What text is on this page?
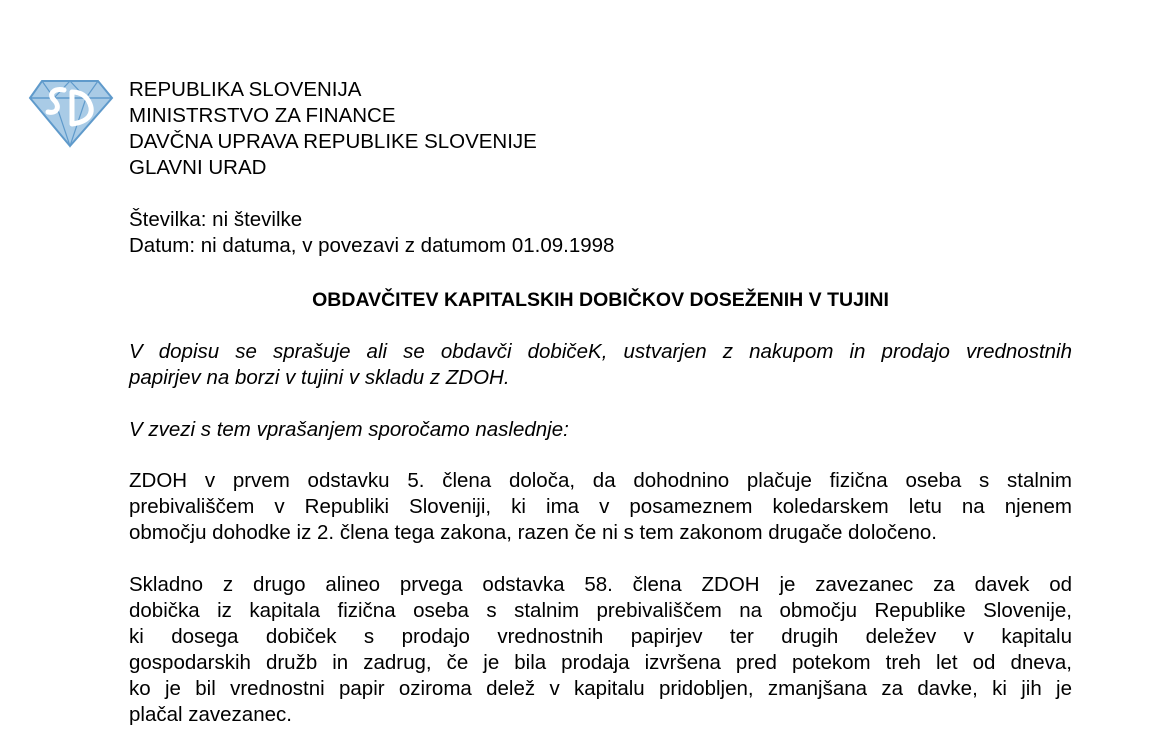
REPUBLIKA SLOVENIJA
MINISTRSTVO ZA FINANCE
DAVČNA UPRAVA REPUBLIKE SLOVENIJE
GLAVNI URAD
Številka: ni številke
Datum: ni datuma, v povezavi z datumom 01.09.1998
OBDAVČITEV KAPITALSKIH DOBIČKOV DOSEŽENIH V TUJINI
V dopisu se sprašuje ali se obdavči dobičeK, ustvarjen z nakupom in prodajo vrednostnih
papirjev na borzi v tujini v skladu z ZDOH.
V zvezi s tem vprašanjem sporočamo naslednje:
ZDOH v prvem odstavku 5. člena določa, da dohodnino plačuje fizična oseba s stalnim
prebivališčem v Republiki Sloveniji, ki ima v posameznem koledarskem letu na njenem
območju dohodke iz 2. člena tega zakona, razen če ni s tem zakonom drugače določeno.
Skladno z drugo alineo prvega odstavka 58. člena ZDOH je zavezanec za davek od
dobička iz kapitala fizična oseba s stalnim prebivališčem na območju Republike Slovenije,
ki dosega dobiček s prodajo vrednostnih papirjev ter drugih deležev v kapitalu
gospodarskih družb in zadrug, če je bila prodaja izvršena pred potekom treh let od dneva,
ko je bil vrednostni papir oziroma delež v kapitalu pridobljen, zmanjšana za davke, ki jih je
plačal zavezanec.
